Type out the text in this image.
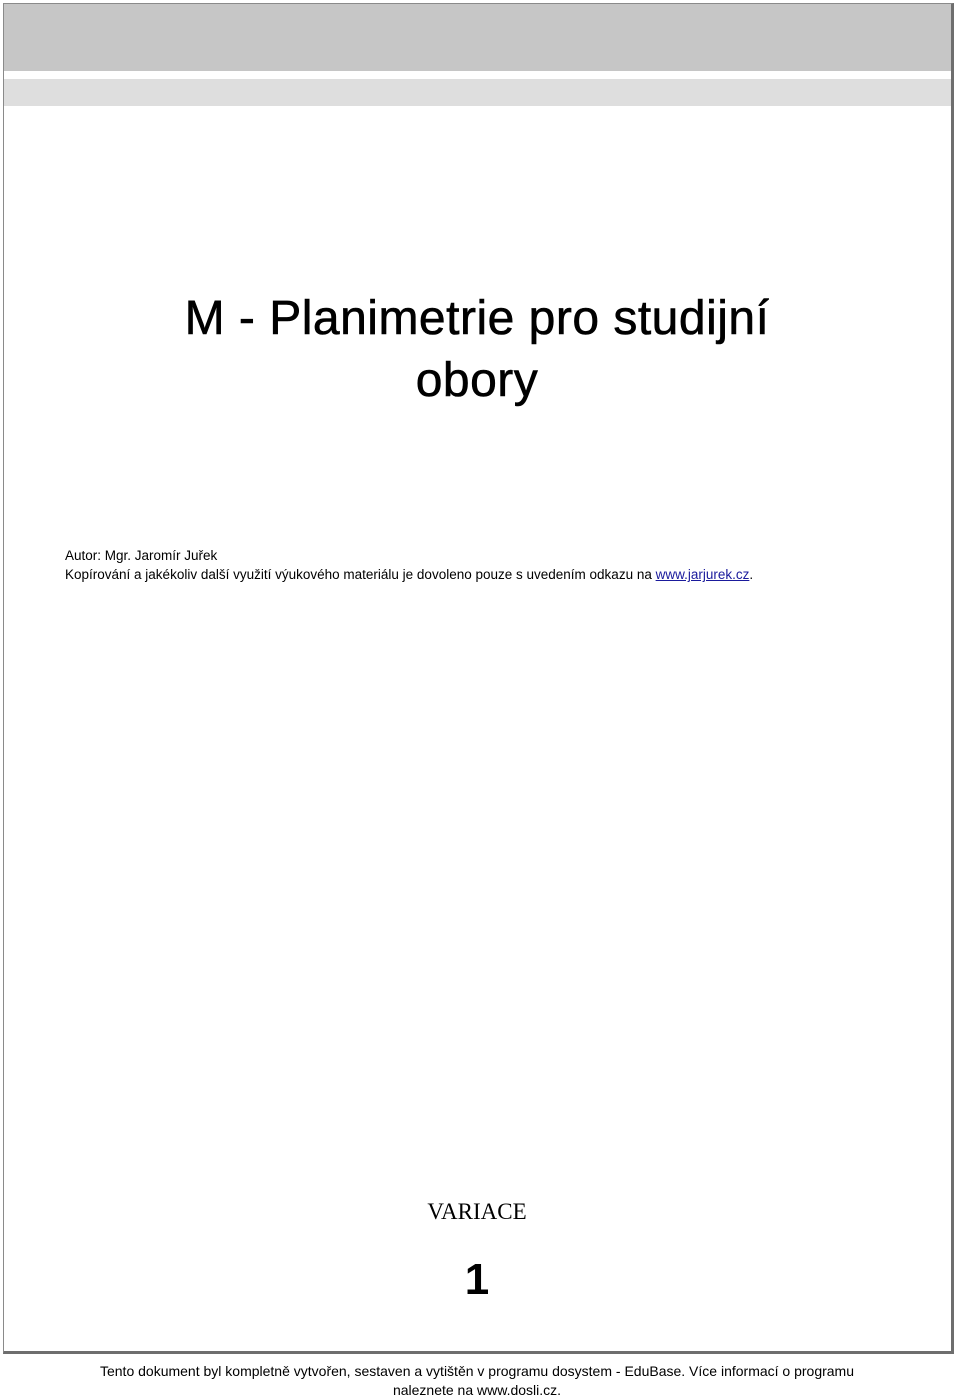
M - Planimetrie pro studijní
obory

Autor: Mgr. Jaromír Juřek

Kopírování a jakékoliv další využití výukového materiálu je dovoleno pouze s uvedením odkazu na www.jarjurek.cz.

VARIACE

1

Tento dokument byl kompletně vytvořen, sestaven a vytištěn v programu dosystem - EduBase. Více informací o programu
naleznete na www.dosli.cz.
